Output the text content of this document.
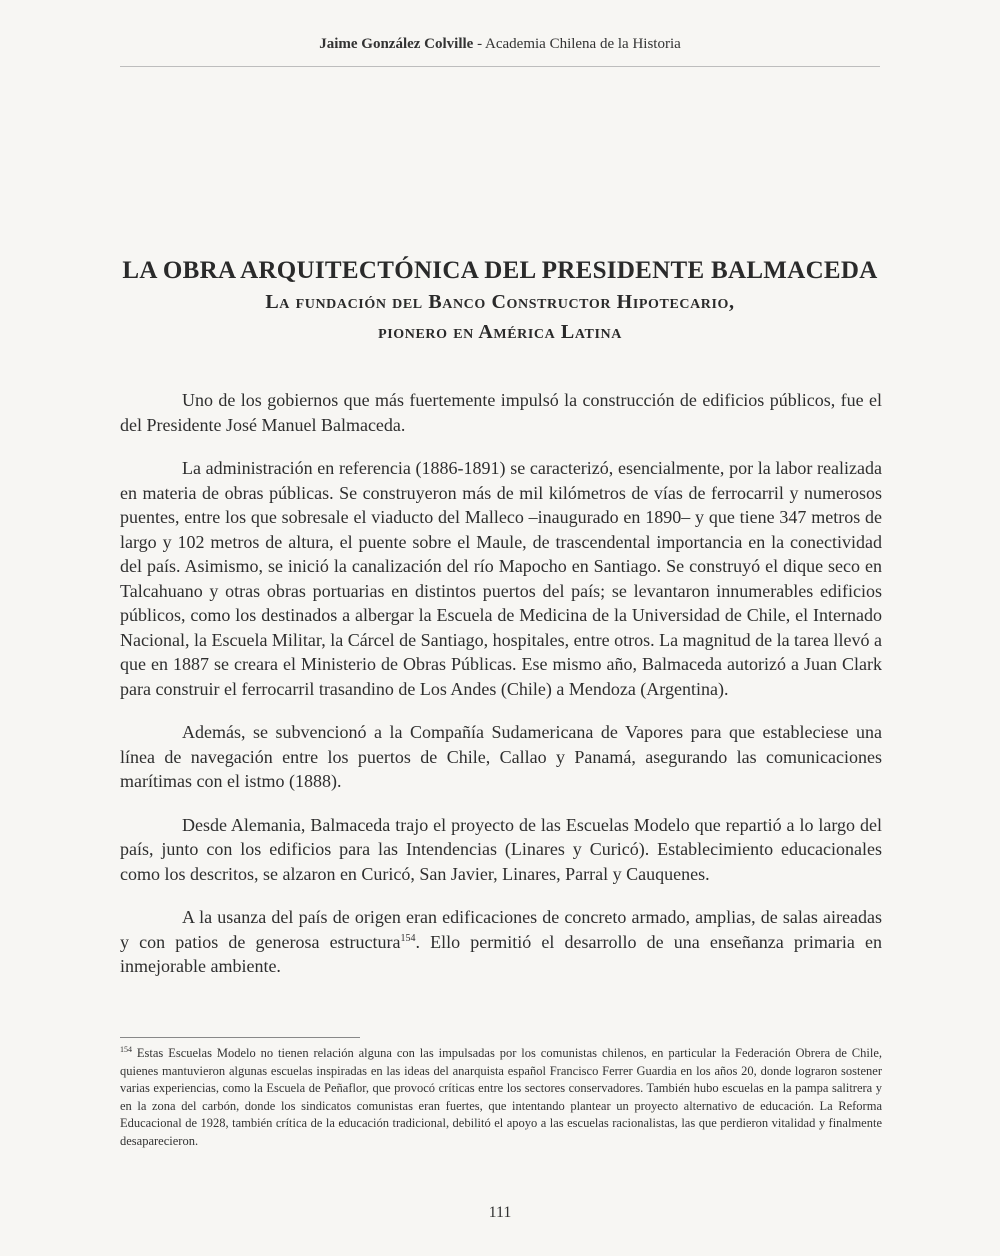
Jaime González Colville - Academia Chilena de la Historia
LA OBRA ARQUITECTÓNICA DEL PRESIDENTE BALMACEDA
La fundación del Banco Constructor Hipotecario,
pionero en América Latina

Uno de los gobiernos que más fuertemente impulsó la construcción de edificios públicos, fue el del Presidente José Manuel Balmaceda.

La administración en referencia (1886-1891) se caracterizó, esencialmente, por la labor realizada en materia de obras públicas. Se construyeron más de mil kilómetros de vías de ferrocarril y numerosos puentes, entre los que sobresale el viaducto del Malleco –inaugurado en 1890– y que tiene 347 metros de largo y 102 metros de altura, el puente sobre el Maule, de trascendental importancia en la conectividad del país. Asimismo, se inició la canalización del río Mapocho en Santiago. Se construyó el dique seco en Talcahuano y otras obras portuarias en distintos puertos del país; se levantaron innumerables edificios públicos, como los destinados a albergar la Escuela de Medicina de la Universidad de Chile, el Internado Nacional, la Escuela Militar, la Cárcel de Santiago, hospitales, entre otros. La magnitud de la tarea llevó a que en 1887 se creara el Ministerio de Obras Públicas. Ese mismo año, Balmaceda autorizó a Juan Clark para construir el ferrocarril trasandino de Los Andes (Chile) a Mendoza (Argentina).

Además, se subvencionó a la Compañía Sudamericana de Vapores para que estableciese una línea de navegación entre los puertos de Chile, Callao y Panamá, asegurando las comunicaciones marítimas con el istmo (1888).

Desde Alemania, Balmaceda trajo el proyecto de las Escuelas Modelo que repartió a lo largo del país, junto con los edificios para las Intendencias (Linares y Curicó). Establecimiento educacionales como los descritos, se alzaron en Curicó, San Javier, Linares, Parral y Cauquenes.

A la usanza del país de origen eran edificaciones de concreto armado, amplias, de salas aireadas y con patios de generosa estructura$^{154}$. Ello permitió el desarrollo de una enseñanza primaria en inmejorable ambiente.

$^{154}$ Estas Escuelas Modelo no tienen relación alguna con las impulsadas por los comunistas chilenos, en particular la Federación Obrera de Chile, quienes mantuvieron algunas escuelas inspiradas en las ideas del anarquista español Francisco Ferrer Guardia en los años 20, donde lograron sostener varias experiencias, como la Escuela de Peñaflor, que provocó críticas entre los sectores conservadores. También hubo escuelas en la pampa salitrera y en la zona del carbón, donde los sindicatos comunistas eran fuertes, que intentando plantear un proyecto alternativo de educación. La Reforma Educacional de 1928, también crítica de la educación tradicional, debilitó el apoyo a las escuelas racionalistas, las que perdieron vitalidad y finalmente desaparecieron.
111
